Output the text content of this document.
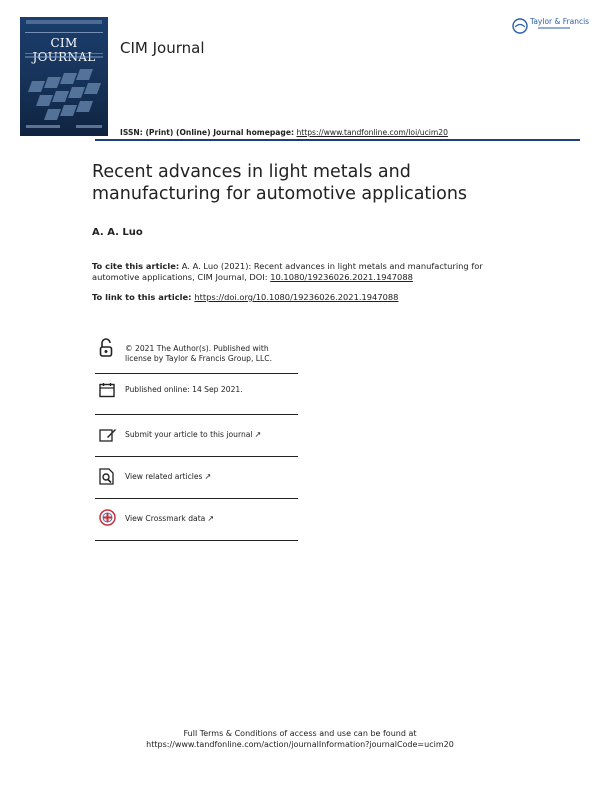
CIM	CIM Journal
ISSN: (Print) (Online) Journal homepage: https://www.tandfonline.com/loi/ucim20
Taylor & Francis
Recent advances in light metals and
manufacturing for automotive applications
A. A. Luo
To cite this article: A. A. Luo (2021): Recent advances in light metals and manufacturing for automotive applications, CIM Journal, DOI: 10.1080/19236026.2021.1947088
To link to this article: https://doi.org/10.1080/19236026.2021.1947088
© 2021 The Author(s). Published with
license by Taylor & Francis Group, LLC.
Published online: 14 Sep 2021.
Submit your article to this journal ↗
View related articles ↗
View Crossmark data ↗
Full Terms & Conditions of access and use can be found at
https://www.tandfonline.com/action/journalInformation?journalCode=ucim20
